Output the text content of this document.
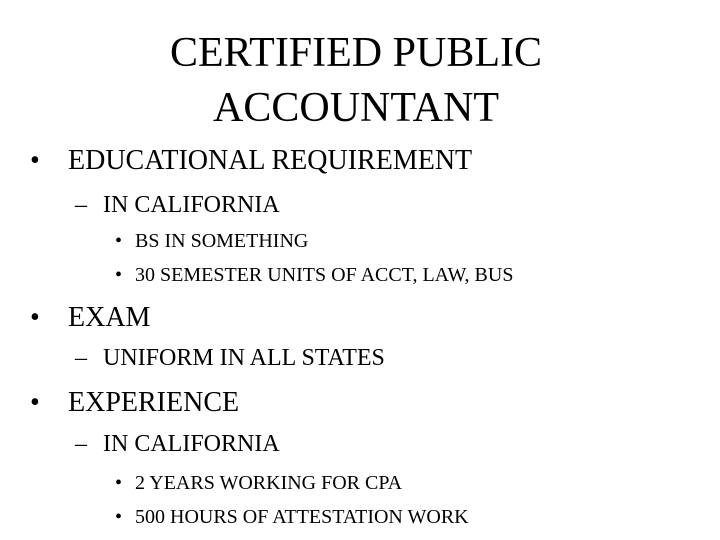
CERTIFIED PUBLIC
ACCOUNTANT
• EDUCATIONAL REQUIREMENT
– IN CALIFORNIA
• BS IN SOMETHING
• 30 SEMESTER UNITS OF ACCT, LAW, BUS
• EXAM
– UNIFORM IN ALL STATES
• EXPERIENCE
– IN CALIFORNIA
• 2 YEARS WORKING FOR CPA
• 500 HOURS OF ATTESTATION WORK
